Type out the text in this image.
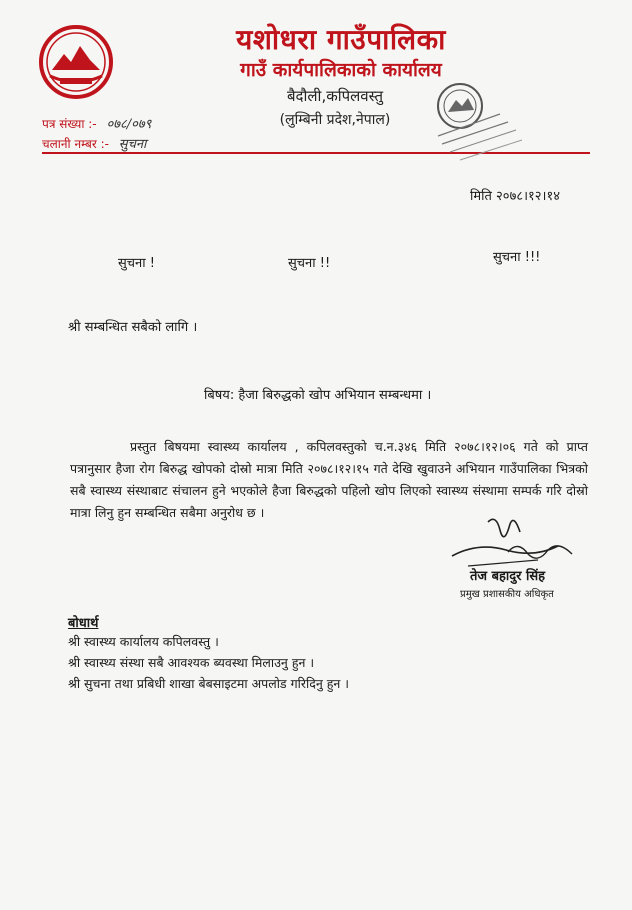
यशोधरा गाउँपालिका
गाउँ कार्यपालिकाको कार्यालय
बैदौली,कपिलवस्तु
(लुम्बिनी प्रदेश,नेपाल)
पत्र संख्या :- ०७८/०७९
चलानी नम्बर :- सुचना
मिति २०७८।१२।१४
सुचना !	सुचना !!	सुचना !!!
श्री सम्बन्धित सबैको लागि ।
बिषय: हैजा बिरुद्धको खोप अभियान सम्बन्धमा ।
प्रस्तुत बिषयमा स्वास्थ्य कार्यालय , कपिलवस्तुको च.न.३४६ मिति २०७८।१२।०६ गते को प्राप्त पत्रानुसार हैजा रोग बिरुद्ध खोपको दोस्रो मात्रा मिति २०७८।१२।१५ गते देखि खुवाउने अभियान गाउँपालिका भित्रको सबै स्वास्थ्य संस्थाबाट संचालन हुने भएकोले हैजा बिरुद्धको पहिलो खोप लिएको स्वास्थ्य संस्थामा सम्पर्क गरि दोस्रो मात्रा लिनु हुन सम्बन्धित सबैमा अनुरोध छ ।
तेज बहादुर सिंह
प्रमुख प्रशासकीय अधिकृत
बोधार्थ
श्री स्वास्थ्य कार्यालय कपिलवस्तु ।
श्री स्वास्थ्य संस्था सबै आवश्यक ब्यवस्था मिलाउनु हुन ।
श्री सुचना तथा प्रबिधी शाखा बेबसाइटमा अपलोड गरिदिनु हुन ।
